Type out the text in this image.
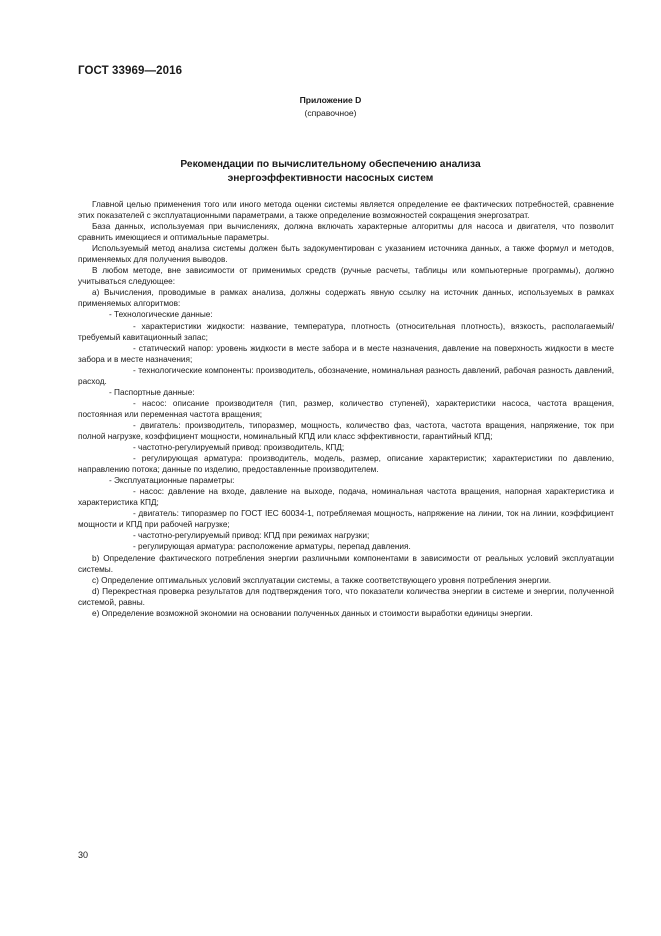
ГОСТ 33969—2016
Приложение D
(справочное)
Рекомендации по вычислительному обеспечению анализа
энергоэффективности насосных систем

Главной целью применения того или иного метода оценки системы является определение ее фактических потребностей, сравнение этих показателей с эксплуатационными параметрами, а также определение возможностей сокращения энергозатрат.

База данных, используемая при вычислениях, должна включать характерные алгоритмы для насоса и двигателя, что позволит сравнить имеющиеся и оптимальные параметры.

Используемый метод анализа системы должен быть задокументирован с указанием источника данных, а также формул и методов, применяемых для получения выводов.

В любом методе, вне зависимости от применимых средств (ручные расчеты, таблицы или компьютерные программы), должно учитываться следующее:

a) Вычисления, проводимые в рамках анализа, должны содержать явную ссылку на источник данных, используемых в рамках применяемых алгоритмов:

- Технологические данные:

- характеристики жидкости: название, температура, плотность (относительная плотность), вязкость, располагаемый/требуемый кавитационный запас;

- статический напор: уровень жидкости в месте забора и в месте назначения, давление на поверхность жидкости в месте забора и в месте назначения;

- технологические компоненты: производитель, обозначение, номинальная разность давлений, рабочая разность давлений, расход.

- Паспортные данные:

- насос: описание производителя (тип, размер, количество ступеней), характеристики насоса, частота вращения, постоянная или переменная частота вращения;

- двигатель: производитель, типоразмер, мощность, количество фаз, частота, частота вращения, напряжение, ток при полной нагрузке, коэффициент мощности, номинальный КПД или класс эффективности, гарантийный КПД;

- частотно-регулируемый привод: производитель, КПД;

- регулирующая арматура: производитель, модель, размер, описание характеристик; характеристики по давлению, направлению потока; данные по изделию, предоставленные производителем.

- Эксплуатационные параметры:

- насос: давление на входе, давление на выходе, подача, номинальная частота вращения, напорная характеристика и характеристика КПД;

- двигатель: типоразмер по ГОСТ IEC 60034-1, потребляемая мощность, напряжение на линии, ток на линии, коэффициент мощности и КПД при рабочей нагрузке;

- частотно-регулируемый привод: КПД при режимах нагрузки;

- регулирующая арматура: расположение арматуры, перепад давления.

b) Определение фактического потребления энергии различными компонентами в зависимости от реальных условий эксплуатации системы.

c) Определение оптимальных условий эксплуатации системы, а также соответствующего уровня потребления энергии.

d) Перекрестная проверка результатов для подтверждения того, что показатели количества энергии в системе и энергии, полученной системой, равны.

e) Определение возможной экономии на основании полученных данных и стоимости выработки единицы энергии.

30
